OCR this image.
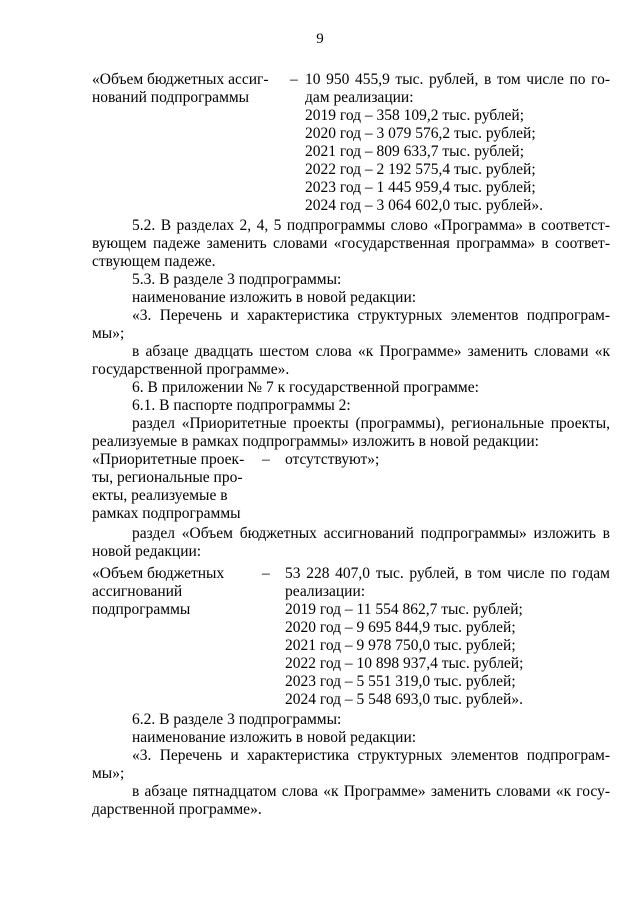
9
«Объем бюджетных ассиг-
нований подпрограммы
– 10 950 455,9 тыс. рублей, в том числе по го-
дам реализации:
2019 год – 358 109,2 тыс. рублей;
2020 год – 3 079 576,2 тыс. рублей;
2021 год – 809 633,7 тыс. рублей;
2022 год – 2 192 575,4 тыс. рублей;
2023 год – 1 445 959,4 тыс. рублей;
2024 год – 3 064 602,0 тыс. рублей».
5.2. В разделах 2, 4, 5 подпрограммы слово «Программа» в соответст-
вующем падеже заменить словами «государственная программа» в соответ-
ствующем падеже.
5.3. В разделе 3 подпрограммы:
наименование изложить в новой редакции:
«3. Перечень и характеристика структурных элементов подпрограм-
мы»;
в абзаце двадцать шестом слова «к Программе» заменить словами «к
государственной программе».
6. В приложении № 7 к государственной программе:
6.1. В паспорте подпрограммы 2:
раздел «Приоритетные проекты (программы), региональные проекты,
реализуемые в рамках подпрограммы» изложить в новой редакции:
«Приоритетные проек-
ты, региональные про-
екты, реализуемые в
рамках подпрограммы
– отсутствуют»;
раздел «Объем бюджетных ассигнований подпрограммы» изложить в
новой редакции:
«Объем бюджетных
ассигнований
подпрограммы
– 53 228 407,0 тыс. рублей, в том числе по годам
реализации:
2019 год – 11 554 862,7 тыс. рублей;
2020 год – 9 695 844,9 тыс. рублей;
2021 год – 9 978 750,0 тыс. рублей;
2022 год – 10 898 937,4 тыс. рублей;
2023 год – 5 551 319,0 тыс. рублей;
2024 год – 5 548 693,0 тыс. рублей».
6.2. В разделе 3 подпрограммы:
наименование изложить в новой редакции:
«3. Перечень и характеристика структурных элементов подпрограм-
мы»;
в абзаце пятнадцатом слова «к Программе» заменить словами «к госу-
дарственной программе».
